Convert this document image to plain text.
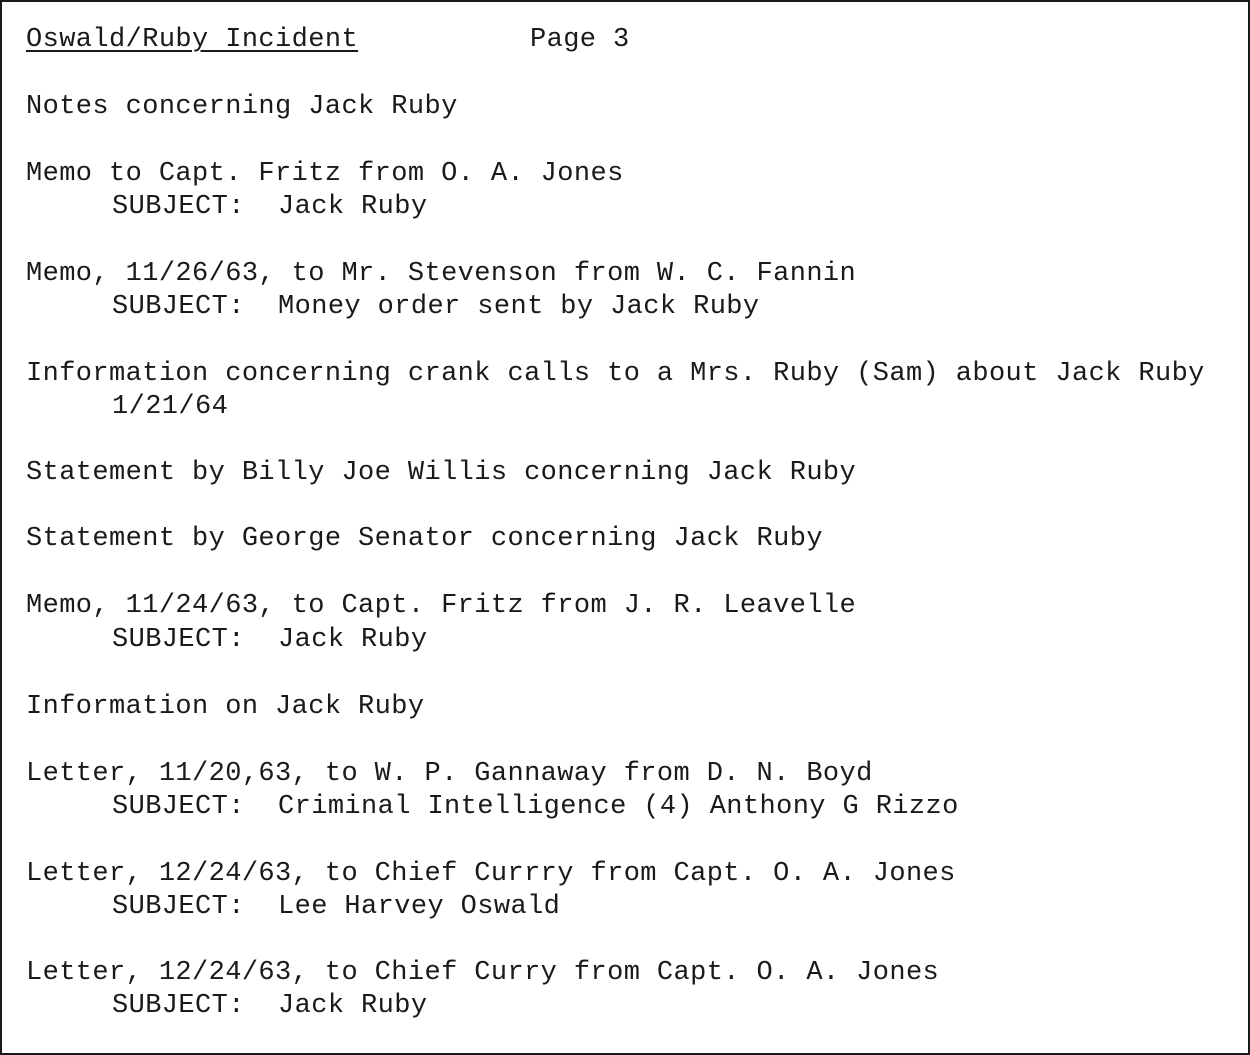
Oswald/Ruby Incident	Page 3

Notes concerning Jack Ruby

Memo to Capt. Fritz from O. A. Jones

SUBJECT:  Jack Ruby

Memo, 11/26/63, to Mr. Stevenson from W. C. Fannin

SUBJECT:  Money order sent by Jack Ruby

Information concerning crank calls to a Mrs. Ruby (Sam) about Jack Ruby

1/21/64

Statement by Billy Joe Willis concerning Jack Ruby

Statement by George Senator concerning Jack Ruby

Memo, 11/24/63, to Capt. Fritz from J. R. Leavelle

SUBJECT:  Jack Ruby

Information on Jack Ruby

Letter, 11/20,63, to W. P. Gannaway from D. N. Boyd

SUBJECT:  Criminal Intelligence (4) Anthony G Rizzo

Letter, 12/24/63, to Chief Currry from Capt. O. A. Jones

SUBJECT:  Lee Harvey Oswald

Letter, 12/24/63, to Chief Curry from Capt. O. A. Jones

SUBJECT:  Jack Ruby
